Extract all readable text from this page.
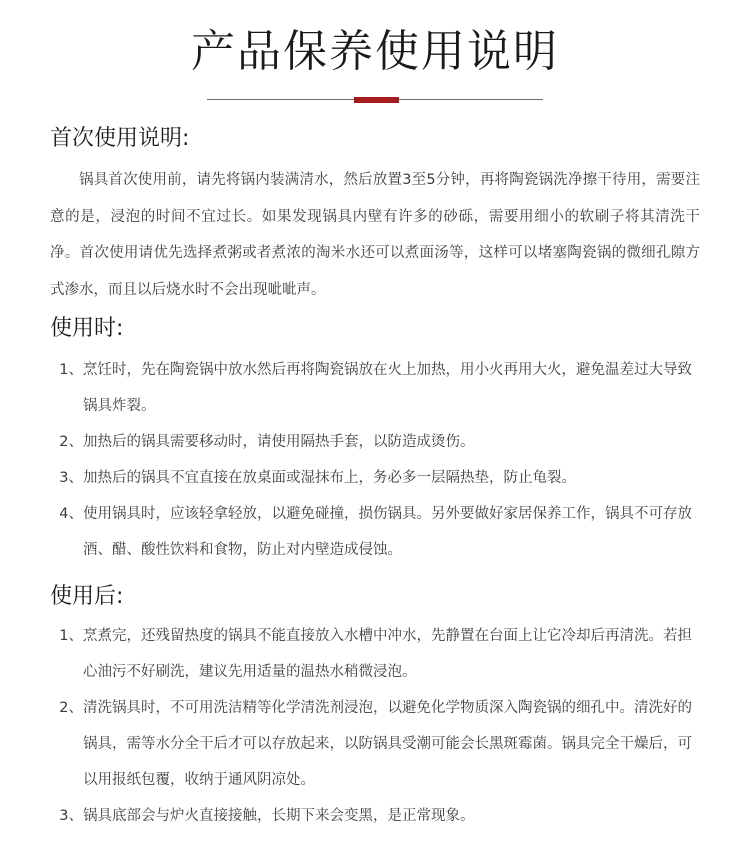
产品保养使用说明
首次使用说明:

锅具首次使用前，请先将锅内装满清水，然后放置3至5分钟，再将陶瓷锅洗净擦干待用，需要注意的是，浸泡的时间不宜过长。如果发现锅具内壁有许多的砂砾，需要用细小的软刷子将其清洗干净。首次使用请优先选择煮粥或者煮浓的淘米水还可以煮面汤等，这样可以堵塞陶瓷锅的微细孔隙方式渗水，而且以后烧水时不会出现呲呲声。

使用时:
1、 烹饪时，先在陶瓷锅中放水然后再将陶瓷锅放在火上加热，用小火再用大火，避免温差过大导致锅具炸裂。
2、 加热后的锅具需要移动时，请使用隔热手套，以防造成烫伤。
3、 加热后的锅具不宜直接在放桌面或湿抹布上，务必多一层隔热垫，防止龟裂。
4、 使用锅具时，应该轻拿轻放，以避免碰撞，损伤锅具。另外要做好家居保养工作，锅具不可存放酒、醋、酸性饮料和食物，防止对内壁造成侵蚀。
使用后:
1、 烹煮完，还残留热度的锅具不能直接放入水槽中冲水，先静置在台面上让它冷却后再清洗。若担心油污不好刷洗，建议先用适量的温热水稍微浸泡。
2、 清洗锅具时，不可用洗洁精等化学清洗剂浸泡，以避免化学物质深入陶瓷锅的细孔中。清洗好的锅具，需等水分全干后才可以存放起来，以防锅具受潮可能会长黑斑霉菌。锅具完全干燥后，可以用报纸包覆，收纳于通风阴凉处。
3、 锅具底部会与炉火直接接触，长期下来会变黑，是正常现象。
